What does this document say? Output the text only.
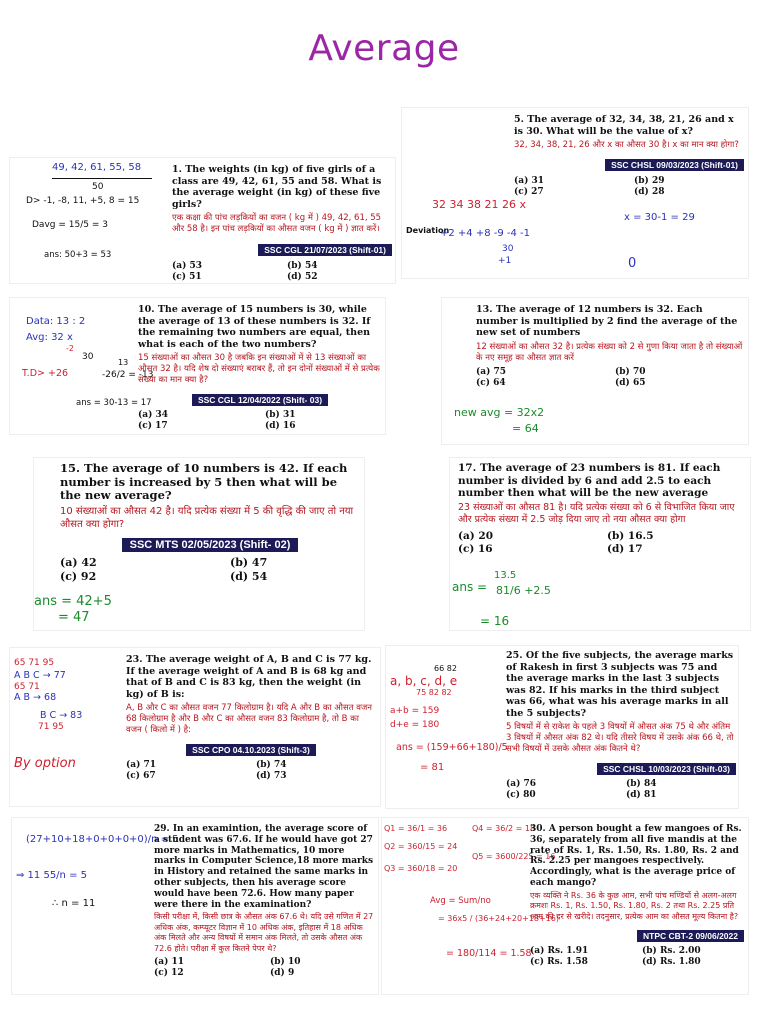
Average
49, 42, 61, 55, 58
50
D> -1, -8, 11, +5, 8 = 15
Davg = 15/5 = 3
ans: 50+3 = 53
1. The weights (in kg) of five girls of a class are 49, 42, 61, 55 and 58. What is the average weight (in kg) of these five girls?
एक कक्षा की पांच लड़कियों का वजन ( kg में ) 49, 42, 61, 55 और 58 है। इन पांच लड़कियों का औसत वजन ( kg में ) ज्ञात करें।
SSC CGL 21/07/2023 (Shift-01)
(a) 53	(b) 54
(c) 51	(d) 52
5. The average of 32, 34, 38, 21, 26 and x is 30. What will be the value of x?
32, 34, 38, 21, 26 और x का औसत 30 है। x का मान क्या होगा?
SSC CHSL 09/03/2023 (Shift-01)
(a) 31	(b) 29
(c) 27	(d) 28
32 34 38 21 26 x
x = 30-1 = 29
Deviation
+2 +4 +8 -9 -4 -1
30
+1	0
Data: 13 : 2
Avg: 32 x
-2
30
T.D> +26	-26/2 = -13
13
ans = 30-13 = 17
10. The average of 15 numbers is 30, while the average of 13 of these numbers is 32. If the remaining two numbers are equal, then what is each of the two numbers?
15 संख्याओं का औसत 30 है जबकि इन संख्याओं में से 13 संख्याओं का औसत 32 है। यदि शेष दो संख्याएं बराबर हैं, तो इन दोनों संख्याओं में से प्रत्येक संख्या का मान क्या है?
SSC CGL 12/04/2022 (Shift- 03)
(a) 34	(b) 31
(c) 17	(d) 16
13. The average of 12 numbers is 32. Each number is multiplied by 2 find the average of the new set of numbers
12 संख्याओं का औसत 32 है। प्रत्येक संख्या को 2 से गुणा किया जाता है तो संख्याओं के नए समूह का औसत ज्ञात करें
(a) 75	(b) 70
(c) 64	(d) 65
new avg = 32x2
= 64
15. The average of 10 numbers is 42. If each number is increased by 5 then what will be the new average?
10 संख्याओं का औसत 42 है। यदि प्रत्येक संख्या में 5 की वृद्धि की जाए तो नया औसत क्या होगा?
SSC MTS 02/05/2023 (Shift- 02)
(a) 42	(b) 47
(c) 92	(d) 54
ans = 42+5
= 47
17. The average of 23 numbers is 81. If each number is divided by 6 and add 2.5 to each number then what will be the new average
23 संख्याओं का औसत 81 है। यदि प्रत्येक संख्या को 6 से विभाजित किया जाए और प्रत्येक संख्या में 2.5 जोड़ दिया जाए तो नया औसत क्या होगा
(a) 20	(b) 16.5
(c) 16	(d) 17
13.5
ans = 81/6 +2.5
= 16
65 71 95
A B C → 77
65 71
A B → 68
B C → 83
71 95
By option
23. The average weight of A, B and C is 77 kg. If the average weight of A and B is 68 kg and that of B and C is 83 kg, then the weight (in kg) of B is:
A, B और C का औसत वजन 77 किलोग्राम है। यदि A और B का औसत वजन 68 किलोग्राम है और B और C का औसत वजन 83 किलोग्राम है, तो B का वजन ( किलो में ) है:
SSC CPO 04.10.2023 (Shift-3)
(a) 71	(b) 74
(c) 67	(d) 73
66 82
a, b, c, d, e
75 82 82
a+b = 159
d+e = 180
ans = (159+66+180)/5
= 81
25. Of the five subjects, the average marks of Rakesh in first 3 subjects was 75 and the average marks in the last 3 subjects was 82. If his marks in the third subject was 66, what was his average marks in all the 5 subjects?
5 विषयों में से राकेश के पहले 3 विषयों में औसत अंक 75 थे और अंतिम 3 विषयों में औसत अंक 82 थे। यदि तीसरे विषय में उसके अंक 66 थे, तो सभी विषयों में उसके औसत अंक कितने थे?
SSC CHSL 10/03/2023 (Shift-03)
(a) 76	(b) 84
(c) 80	(d) 81
(27+10+18+0+0+0+0)/n = 5
⇒ 11 55/n = 5
∴ n = 11
29. In an examintion, the average score of a student was 67.6. If he would have got 27 more marks in Mathematics, 10 more marks in Computer Science,18 more marks in History and retained the same marks in other subjects, then his average score would have been 72.6. How many paper were there in the examination?
किसी परीक्षा में, किसी छात्र के औसत अंक 67.6 थे। यदि उसे गणित में 27 अधिक अंक, कम्प्यूटर विज्ञान में 10 अधिक अंक, इतिहास में 18 अधिक अंक मिलते और अन्य विषयों में समान अंक मिलते, तो उसके औसत अंक 72.6 होते। परीक्षा में कुल कितने पेपर थे?
(a) 11	(b) 10
(c) 12	(d) 9
Q1 = 36/1 = 36	Q4 = 36/2 = 18
Q2 = 360/15 = 24
Q5 = 3600/225 = 16
Q3 = 360/18 = 20
Avg = Sum/no
= 36x5 / (36+24+20+18+16)
= 180/114 = 1.58
30. A person bought a few mangoes of Rs. 36, separately from all five mandis at the rate of Rs. 1, Rs. 1.50, Rs. 1.80, Rs. 2 and Rs. 2.25 per mangoes respectively. Accordingly, what is the average price of each mango?
एक व्यक्ति ने Rs. 36 के कुछ आम, सभी पांच मण्डियों से अलग-अलग क्रमशः Rs. 1, Rs. 1.50, Rs. 1.80, Rs. 2 तथा Rs. 2.25 प्रति आम की दर से खरीदे। तदनुसार, प्रत्येक आम का औसत मूल्य कितना है?
NTPC CBT-2 09/06/2022
(a) Rs. 1.91	(b) Rs. 2.00
(c) Rs. 1.58	(d) Rs. 1.80
